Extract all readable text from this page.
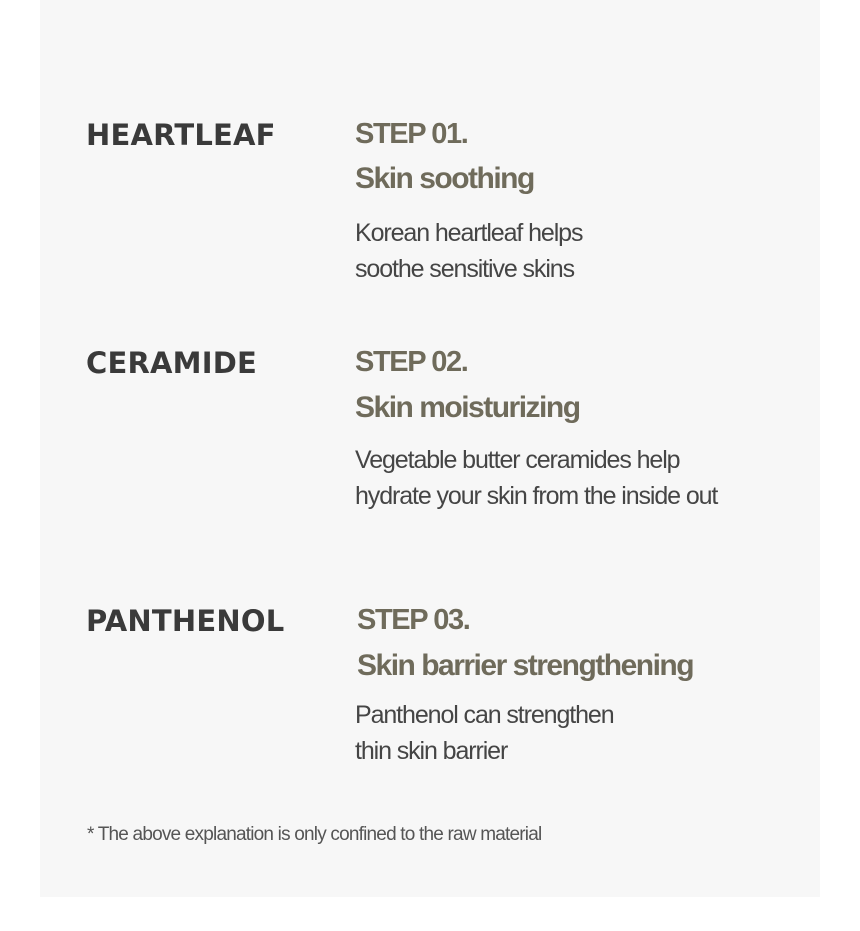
HEARTLEAF	STEP 01.
Skin soothing
Korean heartleaf helps
soothe sensitive skins
CERAMIDE	STEP 02.
Skin moisturizing
Vegetable butter ceramides help
hydrate your skin from the inside out
PANTHENOL	STEP 03.
Skin barrier strengthening
Panthenol can strengthen
thin skin barrier
* The above explanation is only confined to the raw material
